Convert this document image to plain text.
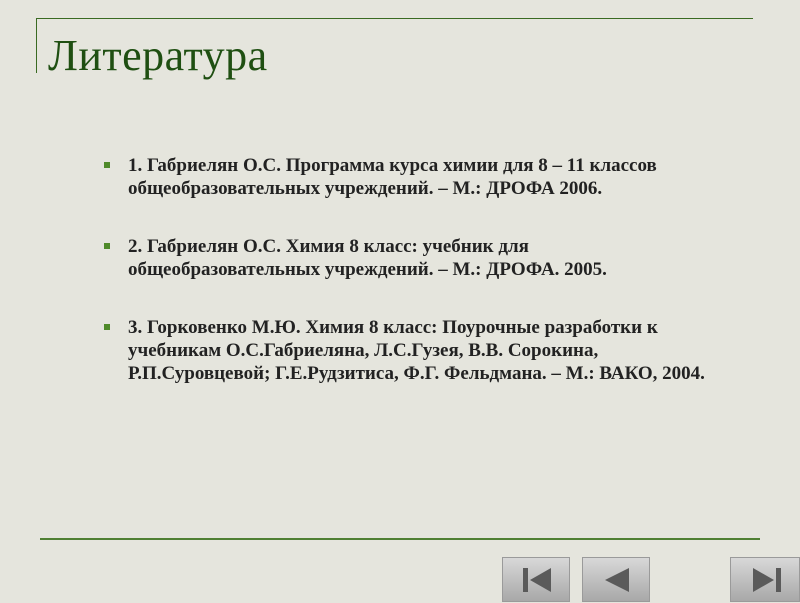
Литература
1. Габриелян О.С. Программа курса химии для 8 – 11 классов общеобразовательных учреждений. – М.: ДРОФА 2006.
2. Габриелян О.С. Химия 8 класс: учебник для общеобразовательных учреждений. – М.: ДРОФА. 2005.
3. Горковенко М.Ю. Химия 8 класс: Поурочные разработки к учебникам О.С.Габриеляна, Л.С.Гузея, В.В. Сорокина, Р.П.Суровцевой; Г.Е.Рудзитиса, Ф.Г. Фельдмана. – М.: ВАКО, 2004.
